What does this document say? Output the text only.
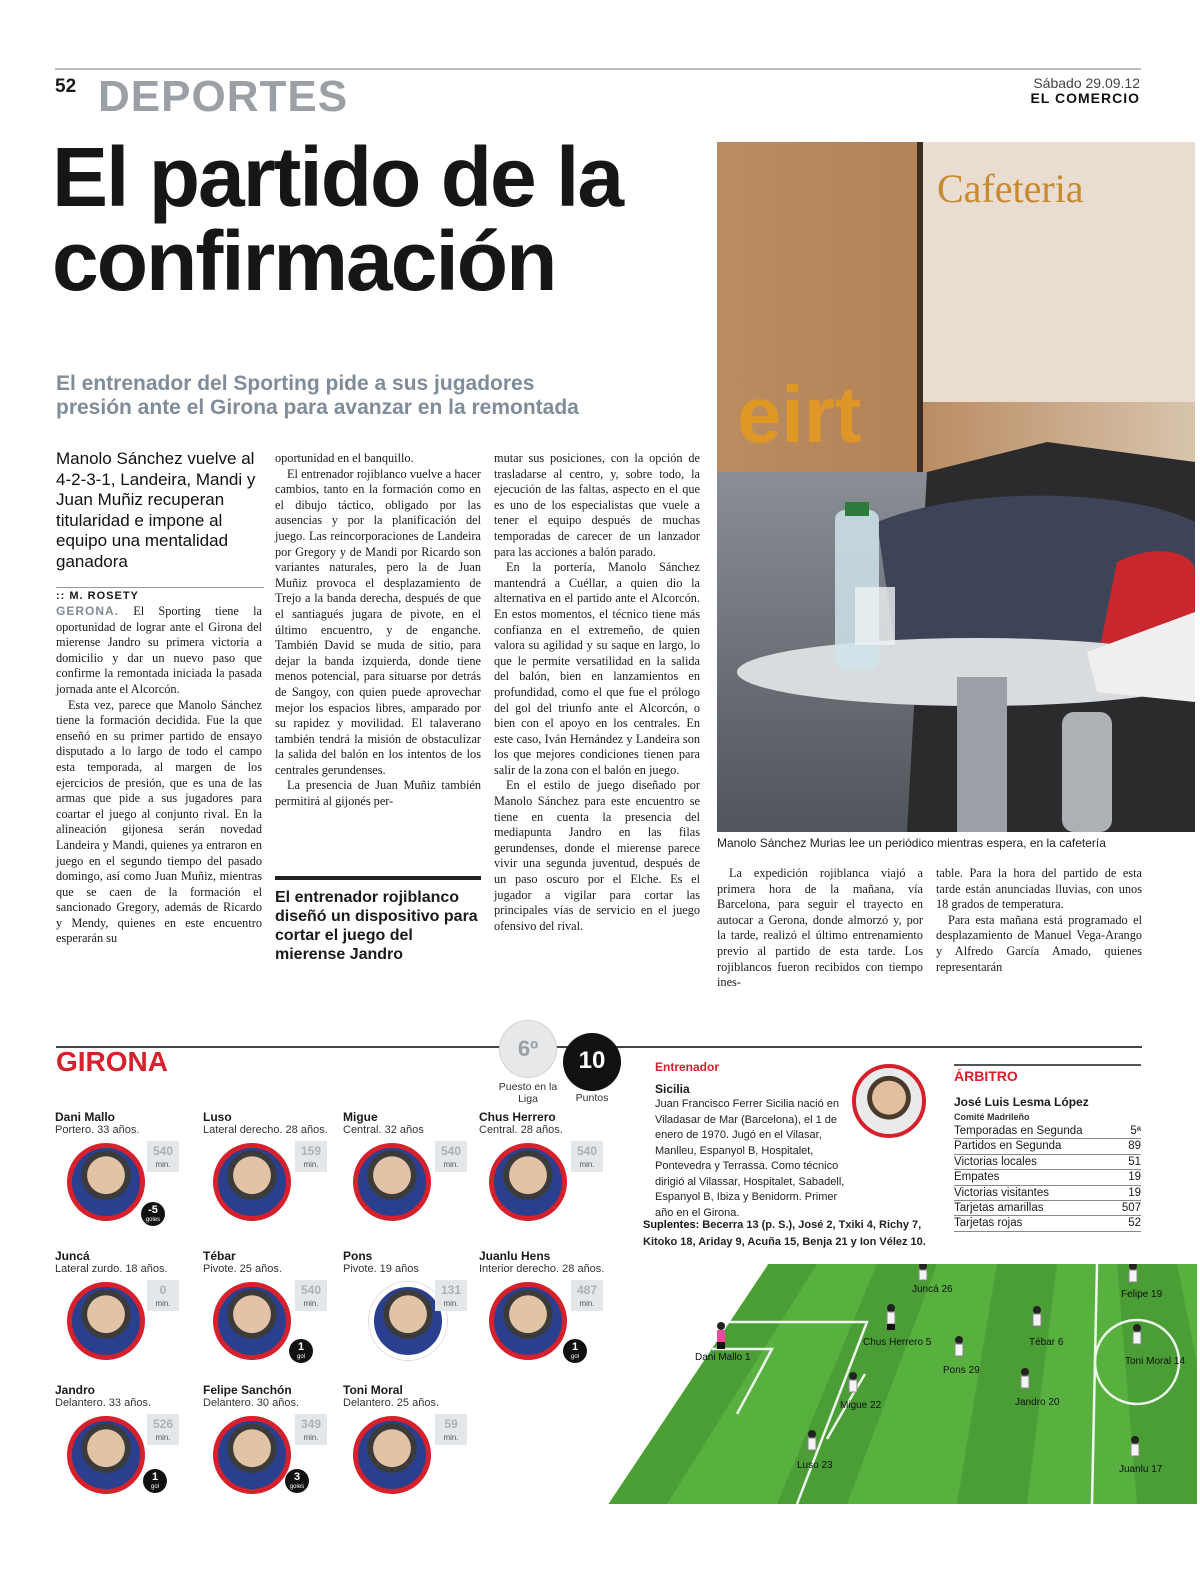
52 DEPORTES	Sábado 29.09.12
EL COMERCIO
El partido de la
confirmación
Cafeteria
eirt
Manolo Sánchez Murias lee un periódico mientras espera, en la cafetería
El entrenador del Sporting pide a sus jugadores
presión ante el Girona para avanzar en la remontada
Manolo Sánchez vuelve al 4-2-3-1, Landeira, Mandi y Juan Muñiz recuperan titularidad e impone al equipo una mentalidad ganadora
:: M. ROSETY

GERONA. El Sporting tiene la oportunidad de lograr ante el Girona del mierense Jandro su primera victoria a domicilio y dar un nuevo paso que confirme la remontada iniciada la pasada jornada ante el Alcorcón.

Esta vez, parece que Manolo Sánchez tiene la formación decidida. Fue la que enseñó en su primer partido de ensayo disputado a lo largo de todo el campo esta temporada, al margen de los ejercicios de presión, que es una de las armas que pide a sus jugadores para coartar el juego al conjunto rival. En la alineación gijonesa serán novedad Landeira y Mandi, quienes ya entraron en juego en el segundo tiempo del pasado domingo, así como Juan Muñiz, mientras que se caen de la formación el sancionado Gregory, además de Ricardo y Mendy, quienes en este encuentro esperarán su

oportunidad en el banquillo.

El entrenador rojiblanco vuelve a hacer cambios, tanto en la formación como en el dibujo táctico, obligado por las ausencias y por la planificación del juego. Las reincorporaciones de Landeira por Gregory y de Mandi por Ricardo son variantes naturales, pero la de Juan Muñiz provoca el desplazamiento de Trejo a la banda derecha, después de que el santiagués jugara de pivote, en el último encuentro, y de enganche. También David se muda de sitio, para dejar la banda izquierda, donde tiene menos potencial, para situarse por detrás de Sangoy, con quien puede aprovechar mejor los espacios libres, amparado por su rapidez y movilidad. El talaverano también tendrá la misión de obstaculizar la salida del balón en los intentos de los centrales gerundenses.

La presencia de Juan Muñiz también permitirá al gijonés per-

El entrenador rojiblanco diseñó un dispositivo para cortar el juego del mierense Jandro

mutar sus posiciones, con la opción de trasladarse al centro, y, sobre todo, la ejecución de las faltas, aspecto en el que es uno de los especialistas que vuele a tener el equipo después de muchas temporadas de carecer de un lanzador para las acciones a balón parado.

En la portería, Manolo Sánchez mantendrá a Cuéllar, a quien dio la alternativa en el partido ante el Alcorcón. En estos momentos, el técnico tiene más confianza en el extremeño, de quien valora su agilidad y su saque en largo, lo que le permite versatilidad en la salida del balón, bien en lanzamientos en profundidad, como el que fue el prólogo del gol del triunfo ante el Alcorcón, o bien con el apoyo en los centrales. En este caso, Iván Hernández y Landeira son los que mejores condiciones tienen para salir de la zona con el balón en juego.

En el estilo de juego diseñado por Manolo Sánchez para este encuentro se tiene en cuenta la presencia del mediapunta Jandro en las filas gerundenses, donde el mierense parece vivir una segunda juventud, después de un paso oscuro por el Elche. Es el jugador a vigilar para cortar las principales vías de servicio en el juego ofensivo del rival.

La expedición rojiblanca viajó a primera hora de la mañana, vía Barcelona, para seguir el trayecto en autocar a Gerona, donde almorzó y, por la tarde, realizó el último entrenamiento previo al partido de esta tarde. Los rojiblancos fueron recibidos con tiempo ines-

table. Para la hora del partido de esta tarde están anunciadas lluvias, con unos 18 grados de temperatura.

Para esta mañana está programado el desplazamiento de Manuel Vega-Arango y Alfredo García Amado, quienes representarán

GIRONA	6º
Puesto en la Liga
10
Puntos
Dani Mallo
Portero. 33 años.
540
min.
-5
goles
Luso
Lateral derecho. 28 años.
159
min.
Migue
Central. 32 años
540
min.
Chus Herrero
Central. 28 años.
540
min.
Juncá
Lateral zurdo. 18 años.
0
min.
Tébar
Pivote. 25 años.
540
min.
1
gol
Pons
Pivote. 19 años
131
min.
Juanlu Hens
Interior derecho. 28 años.
487
min.
1
gol
Jandro
Delantero. 33 años.
526
min.
1
gol
Felipe Sanchón
Delantero. 30 años.
349
min.
3
goles
Toni Moral
Delantero. 25 años.
59
min.
Entrenador
Sicilia
Juan Francisco Ferrer Sicilia nació en Viladasar de Mar (Barcelona), el 1 de enero de 1970. Jugó en el Vilasar, Manlleu, Espanyol B, Hospitalet, Pontevedra y Terrassa. Como técnico dirigió al Vilassar, Hospitalet, Sabadell, Espanyol B, Ibiza y Benidorm. Primer año en el Girona.
Suplentes: Becerra 13 (p. S.), José 2, Txiki 4, Richy 7, Kitoko 18, Ariday 9, Acuña 15, Benja 21 y Ion Vélez 10.
ÁRBITRO
José Luis Lesma López
Comité Madrileño
Temporadas en Segunda	5ª
Partidos en Segunda	89
Victorias locales	51
Empates	19
Victorias visitantes	19
Tarjetas amarillas	507
Tarjetas rojas	52
Dani Mallo 1
Juncá 26
Chus Herrero 5
Migue 22
Luso 23
Pons 29
Tébar 6
Jandro 20
Felipe 19
Toni Moral 14
Juanlu 17
